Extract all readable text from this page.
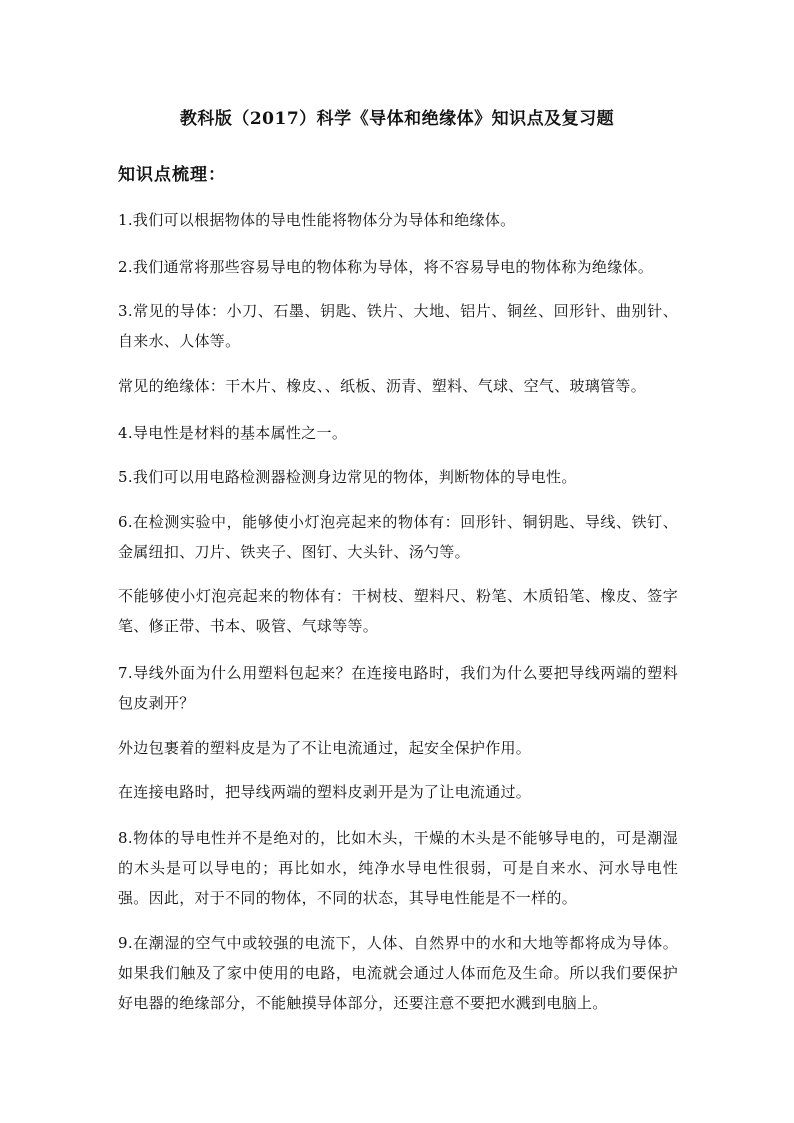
教科版（2017）科学《导体和绝缘体》知识点及复习题
知识点梳理：
1.我们可以根据物体的导电性能将物体分为导体和绝缘体。
2.我们通常将那些容易导电的物体称为导体，将不容易导电的物体称为绝缘体。
3.常见的导体：小刀、石墨、钥匙、铁片、大地、铝片、铜丝、回形针、曲别针、自来水、人体等。
常见的绝缘体：干木片、橡皮、、纸板、沥青、塑料、气球、空气、玻璃管等。
4.导电性是材料的基本属性之一。
5.我们可以用电路检测器检测身边常见的物体，判断物体的导电性。
6.在检测实验中，能够使小灯泡亮起来的物体有：回形针、铜钥匙、导线、铁钉、金属纽扣、刀片、铁夹子、图钉、大头针、汤勺等。
不能够使小灯泡亮起来的物体有：干树枝、塑料尺、粉笔、木质铅笔、橡皮、签字笔、修正带、书本、吸管、气球等等。
7.导线外面为什么用塑料包起来？在连接电路时，我们为什么要把导线两端的塑料包皮剥开？
外边包裹着的塑料皮是为了不让电流通过，起安全保护作用。
在连接电路时，把导线两端的塑料皮剥开是为了让电流通过。
8.物体的导电性并不是绝对的，比如木头，干燥的木头是不能够导电的，可是潮湿的木头是可以导电的；再比如水，纯净水导电性很弱，可是自来水、河水导电性强。因此，对于不同的物体，不同的状态，其导电性能是不一样的。
9.在潮湿的空气中或较强的电流下，人体、自然界中的水和大地等都将成为导体。如果我们触及了家中使用的电路，电流就会通过人体而危及生命。所以我们要保护好电器的绝缘部分，不能触摸导体部分，还要注意不要把水溅到电脑上。
